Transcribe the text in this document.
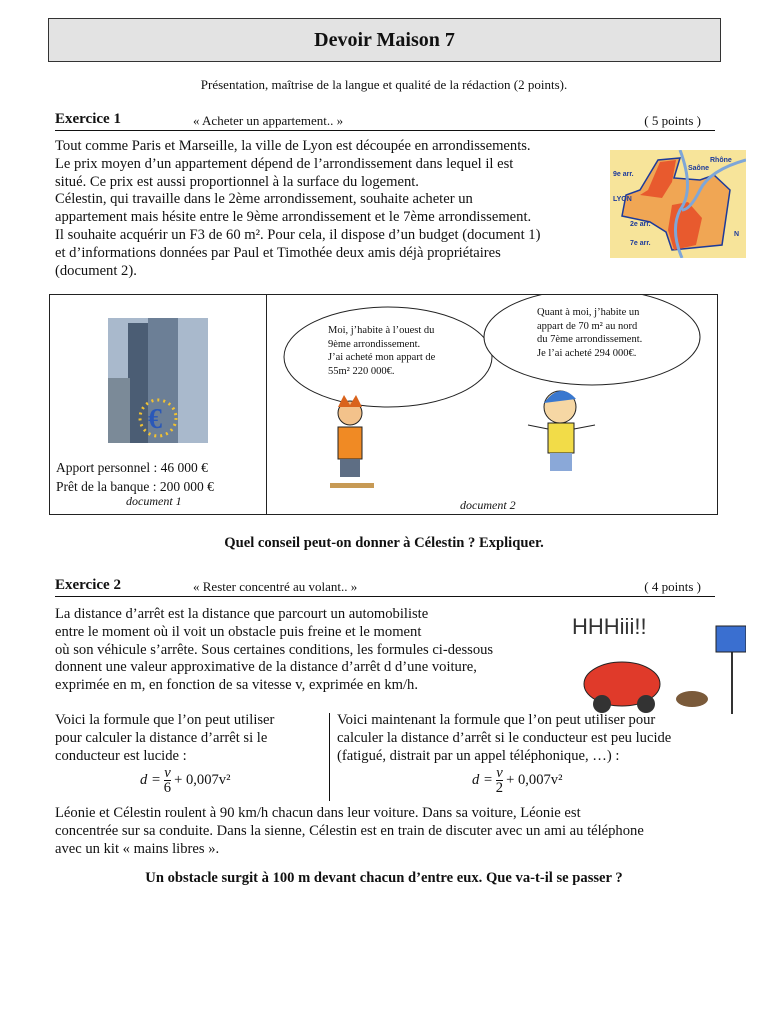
Devoir Maison 7
Présentation, maîtrise de la langue et qualité de la rédaction (2 points).
Exercice 1	« Acheter un appartement.. »	( 5 points )
Tout comme Paris et Marseille, la ville de Lyon est découpée en arrondissements.
Le prix moyen d’un appartement dépend de l’arrondissement dans lequel il est
situé. Ce prix est aussi proportionnel à la surface du logement.
Célestin, qui travaille dans le 2ème arrondissement, souhaite acheter un
appartement mais hésite entre le 9ème arrondissement et le 7ème arrondissement.
Il souhaite acquérir un F3 de 60 m². Pour cela, il dispose d’un budget (document 1)
et d’informations données par Paul et Timothée deux amis déjà propriétaires
(document 2).
9e arr.
LYON
2e arr.
7e arr.
Saône
Rhône
N
€
Apport personnel : 46 000 €
Prêt de la banque : 200 000 €
document 1
Moi, j’habite à l’ouest du
9ème arrondissement.
J’ai acheté mon appart de
55m² 220 000€.
Quant à moi, j’habite un
appart de 70 m² au nord
du 7ème arrondissement.
Je l’ai acheté 294 000€.
document 2
Quel conseil peut-on donner à Célestin ? Expliquer.
Exercice 2	« Rester concentré au volant.. »	( 4 points )
La distance d’arrêt est la distance que parcourt un automobiliste
entre le moment où il voit un obstacle puis freine et le moment
où son véhicule s’arrête. Sous certaines conditions, les formules ci-dessous
donnent une valeur approximative de la distance d’arrêt d d’une voiture,
exprimée en m, en fonction de sa vitesse v, exprimée en km/h.
HHHiii!!
Voici la formule que l’on peut utiliser
pour calculer la distance d’arrêt si le
conducteur est lucide :
Voici maintenant la formule que l’on peut utiliser pour
calculer la distance d’arrêt si le conducteur est peu lucide
(fatigué, distrait par un appel téléphonique, …) :
$d = \frac{v}{6} + 0,007v^2$	$d = \frac{v}{2} + 0,007v^2$
Léonie et Célestin roulent à 90 km/h chacun dans leur voiture. Dans sa voiture, Léonie est
concentrée sur sa conduite. Dans la sienne, Célestin est en train de discuter avec un ami au téléphone
avec un kit « mains libres ».
Un obstacle surgit à 100 m devant chacun d’entre eux. Que va-t-il se passer ?
